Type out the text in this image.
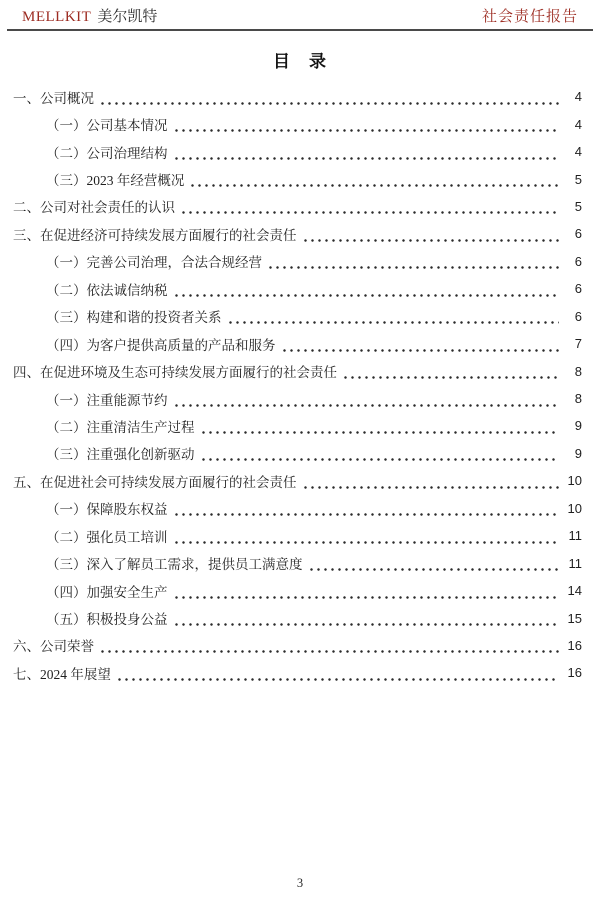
MELLKIT 美尔凯特	社会责任报告
目　录
一、公司概况	4
（一）公司基本情况	4
（二）公司治理结构	4
（三）2023 年经营概况	5
二、公司对社会责任的认识	5
三、在促进经济可持续发展方面履行的社会责任	6
（一）完善公司治理，合法合规经营	6
（二）依法诚信纳税	6
（三）构建和谐的投资者关系	6
（四）为客户提供高质量的产品和服务	7
四、在促进环境及生态可持续发展方面履行的社会责任	8
（一）注重能源节约	8
（二）注重清洁生产过程	9
（三）注重强化创新驱动	9
五、在促进社会可持续发展方面履行的社会责任	10
（一）保障股东权益	10
（二）强化员工培训	11
（三）深入了解员工需求，提供员工满意度	11
（四）加强安全生产	14
（五）积极投身公益	15
六、公司荣誉	16
七、2024 年展望	16
3
